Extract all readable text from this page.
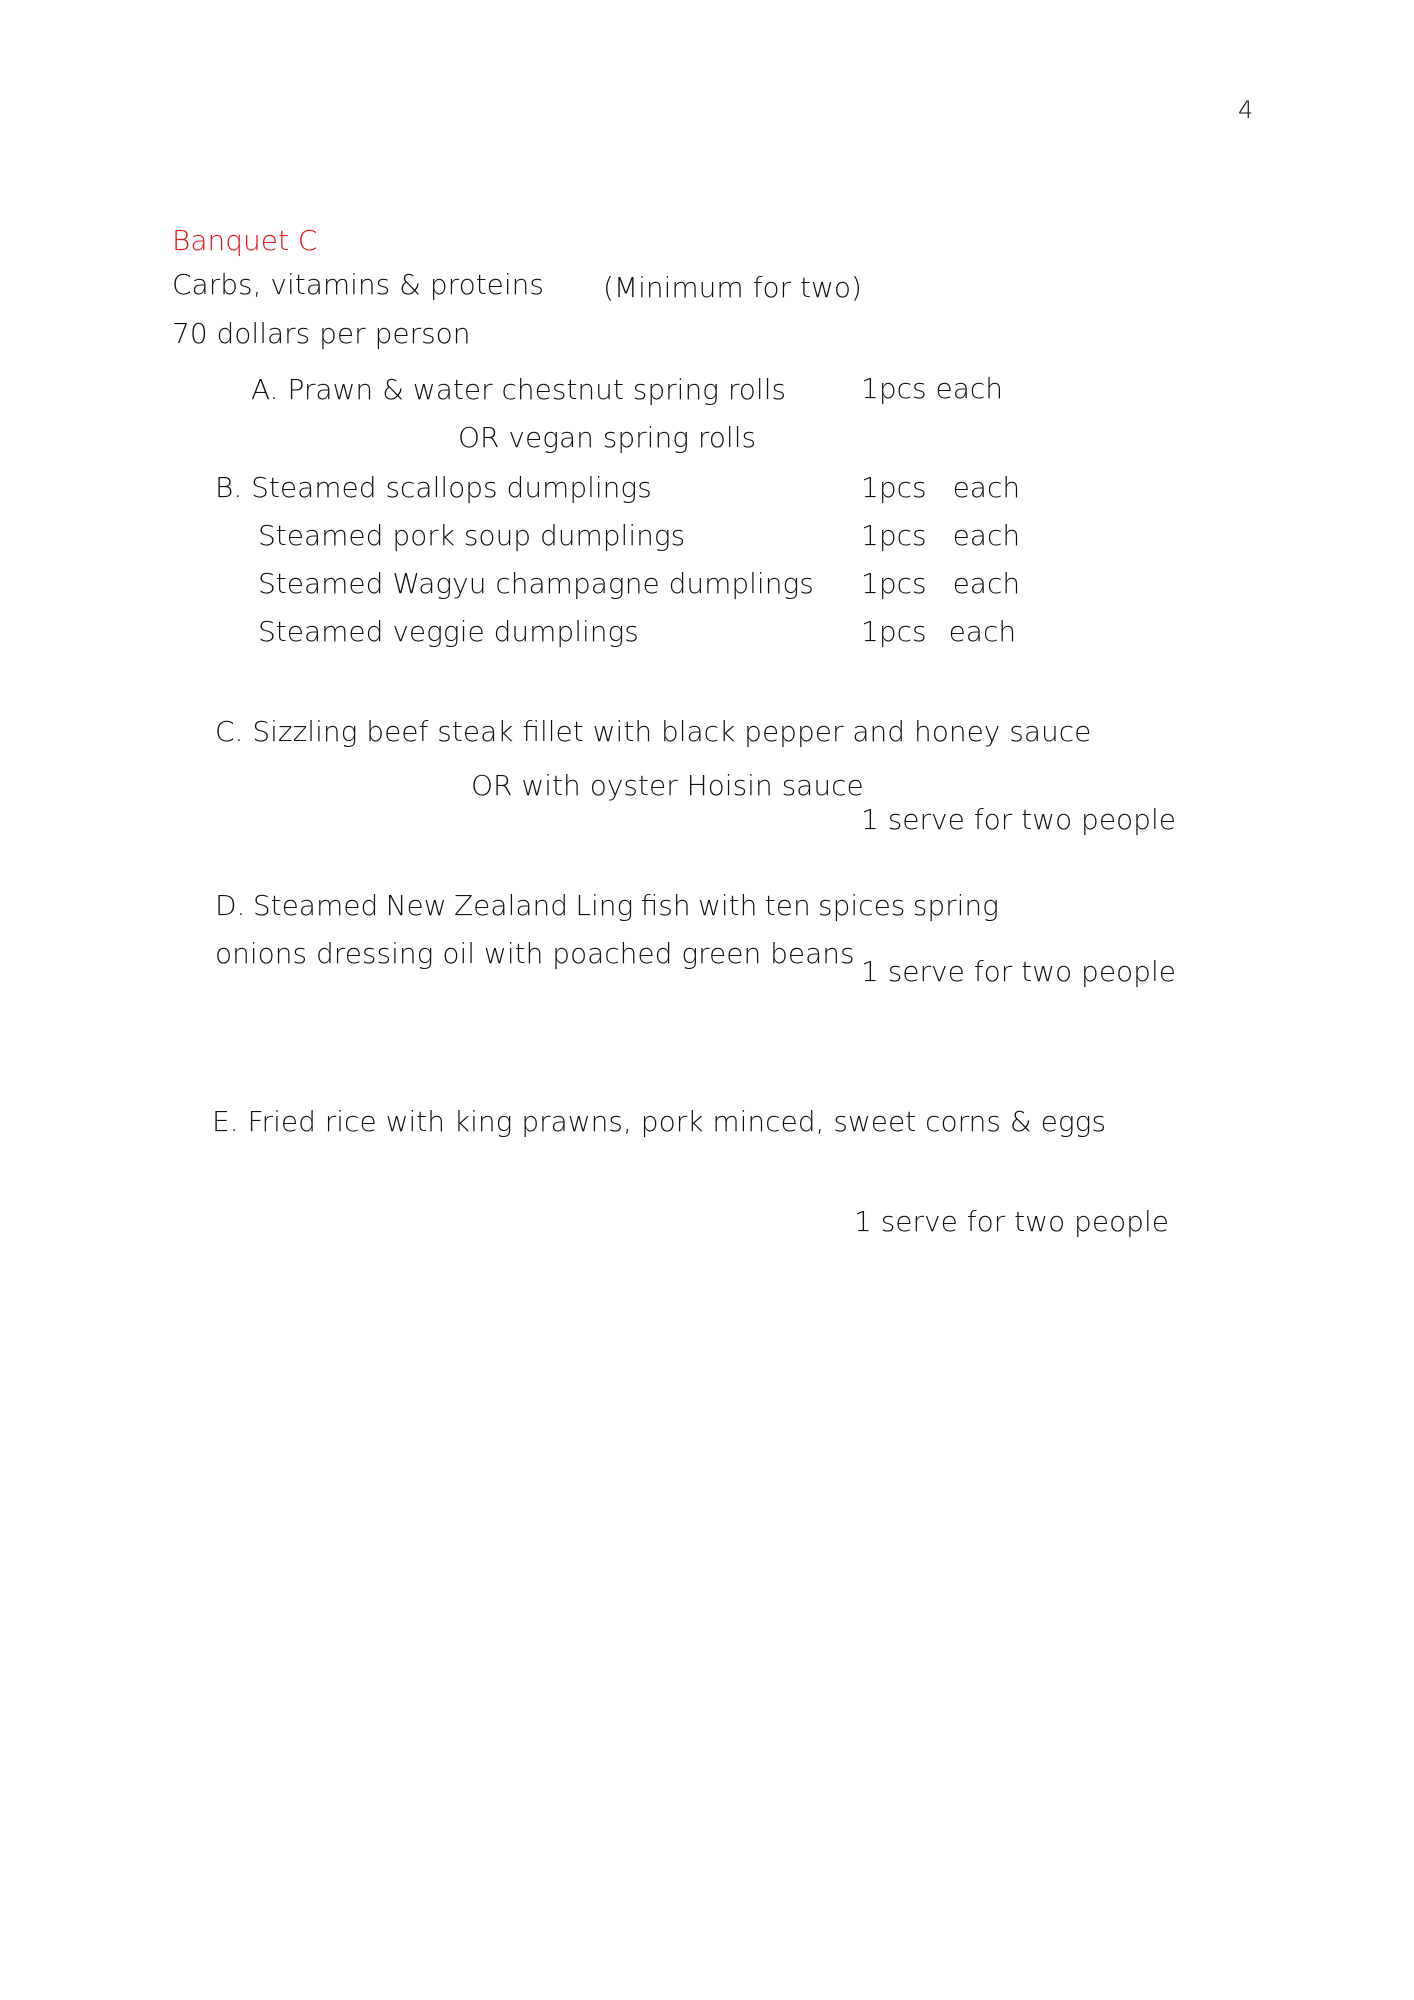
4
Banquet C
Carbs, vitamins & proteins (Minimum for two)
70 dollars per person
A. Prawn & water chestnut spring rolls	1pcs each
OR vegan spring rolls
B. Steamed scallops dumplings	1pcs each
Steamed pork soup dumplings	1pcs each
Steamed Wagyu champagne dumplings 1pcs each
Steamed veggie dumplings	1pcs each
C. Sizzling beef steak fillet with black pepper and honey sauce
OR with oyster Hoisin sauce
1 serve for two people
D. Steamed New Zealand Ling fish with ten spices spring
onions dressing oil with poached green beans
1 serve for two people
E. Fried rice with king prawns, pork minced, sweet corns & eggs
1 serve for two people
